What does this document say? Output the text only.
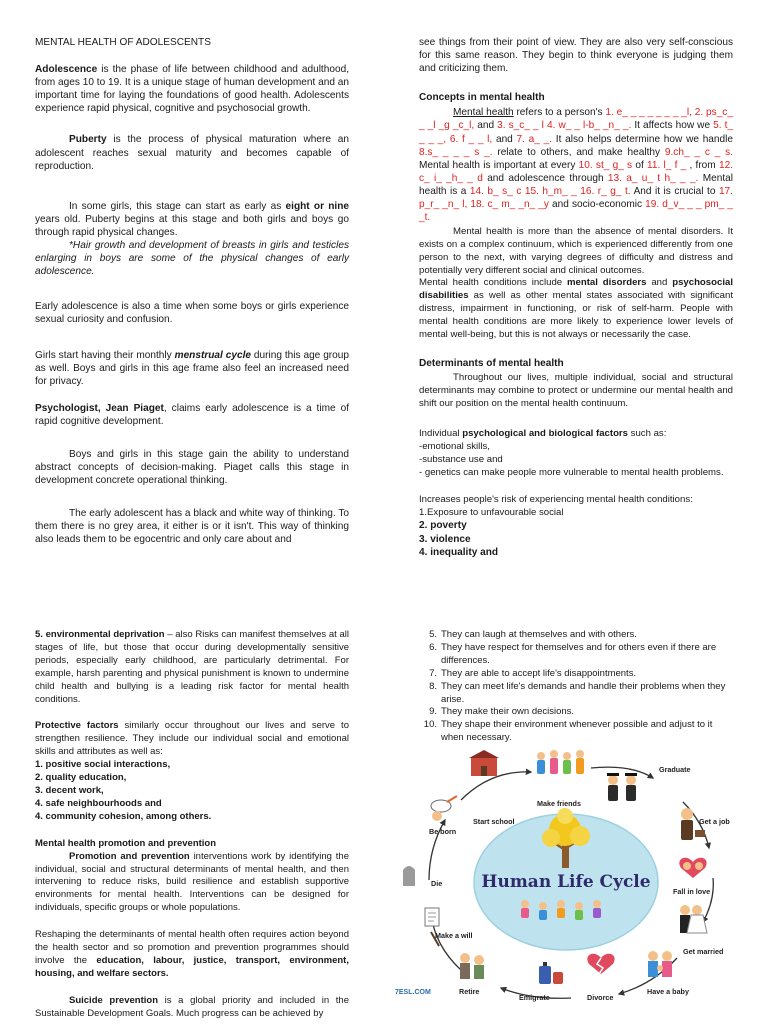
MENTAL HEALTH OF ADOLESCENTS

Adolescence is the phase of life between childhood and adulthood, from ages 10 to 19. It is a unique stage of human development and an important time for laying the foundations of good health. Adolescents experience rapid physical, cognitive and psychosocial growth.

Puberty is the process of physical maturation where an adolescent reaches sexual maturity and becomes capable of reproduction.

In some girls, this stage can start as early as eight or nine years old. Puberty begins at this stage and both girls and boys go through rapid physical changes.

*Hair growth and development of breasts in girls and testicles enlarging in boys are some of the physical changes of early adolescence.

Early adolescence is also a time when some boys or girls experience sexual curiosity and confusion.

Girls start having their monthly menstrual cycle during this age group as well. Boys and girls in this age frame also feel an increased need for privacy.

Psychologist, Jean Piaget, claims early adolescence is a time of rapid cognitive development.

Boys and girls in this stage gain the ability to understand abstract concepts of decision-making. Piaget calls this stage in development concrete operational thinking.

The early adolescent has a black and white way of thinking. To them there is no grey area, it either is or it isn't. This way of thinking also leads them to be egocentric and only care about and

see things from their point of view. They are also very self-conscious for this same reason. They begin to think everyone is judging them and criticizing them.

Concepts in mental health

Mental health refers to a person's 1. e_ _ _ _ _ _ _ _l, 2. ps_c_ _ _l _g _c_l, and 3. s_c_ _ l 4. w_ _ l-b_ _n_ _. It affects how we 5. t_ _ _ _, 6. f _ _ l, and 7. a_ _. It also helps determine how we handle 8.s_ _ _ _ s _. relate to others, and make healthy 9.ch_ _ c _ s. Mental health is important at every 10. st_ g_ s of 11. l_ f _ , from 12. c_ i_ _h_ _ d and adolescence through 13. a_ u_ t h_ _ _. Mental health is a 14. b_ s_ c 15. h_m_ _ 16. r_ g_ t. And it is crucial to 17. p_r_ _n_ l, 18. c_ m_ _n_ _y and socio-economic 19. d_v_ _ _ pm_ _ _t.

Mental health is more than the absence of mental disorders. It exists on a complex continuum, which is experienced differently from one person to the next, with varying degrees of difficulty and distress and potentially very different social and clinical outcomes.

Mental health conditions include mental disorders and psychosocial disabilities as well as other mental states associated with significant distress, impairment in functioning, or risk of self-harm. People with mental health conditions are more likely to experience lower levels of mental well-being, but this is not always or necessarily the case.

Determinants of mental health

Throughout our lives, multiple individual, social and structural determinants may combine to protect or undermine our mental health and shift our position on the mental health continuum.

Individual psychological and biological factors such as:

-emotional skills,

-substance use and

- genetics can make people more vulnerable to mental health problems.

Increases people's risk of experiencing mental health conditions:

1.Exposure to unfavourable social

2. poverty

3. violence

4. inequality and

5. environmental deprivation – also Risks can manifest themselves at all stages of life, but those that occur during developmentally sensitive periods, especially early childhood, are particularly detrimental. For example, harsh parenting and physical punishment is known to undermine child health and bullying is a leading risk factor for mental health conditions.

Protective factors similarly occur throughout our lives and serve to strengthen resilience. They include our individual social and emotional skills and attributes as well as:

1. positive social interactions,

2. quality education,

3. decent work,

4. safe neighbourhoods and

4. community cohesion, among others.

Mental health promotion and prevention

Promotion and prevention interventions work by identifying the individual, social and structural determinants of mental health, and then intervening to reduce risks, build resilience and establish supportive environments for mental health. Interventions can be designed for individuals, specific groups or whole populations.

Reshaping the determinants of mental health often requires action beyond the health sector and so promotion and prevention programmes should involve the education, labour, justice, transport, environment, housing, and welfare sectors.

Suicide prevention is a global priority and included in the Sustainable Development Goals. Much progress can be achieved by

5. They can laugh at themselves and with others.
6. They have respect for themselves and for others even if there are differences.
7. They are able to accept life's disappointments.
8. They can meet life's demands and handle their problems when they arise.
9. They make their own decisions.
10. They shape their environment whenever possible and adjust to it when necessary.
Human Life Cycle
Be born
Start school
Make friends
Graduate
Get a job
Fall in love
Get married
Have a baby
Divorce
Emigrate
Retire
Make a will
Die
7ESL.COM
